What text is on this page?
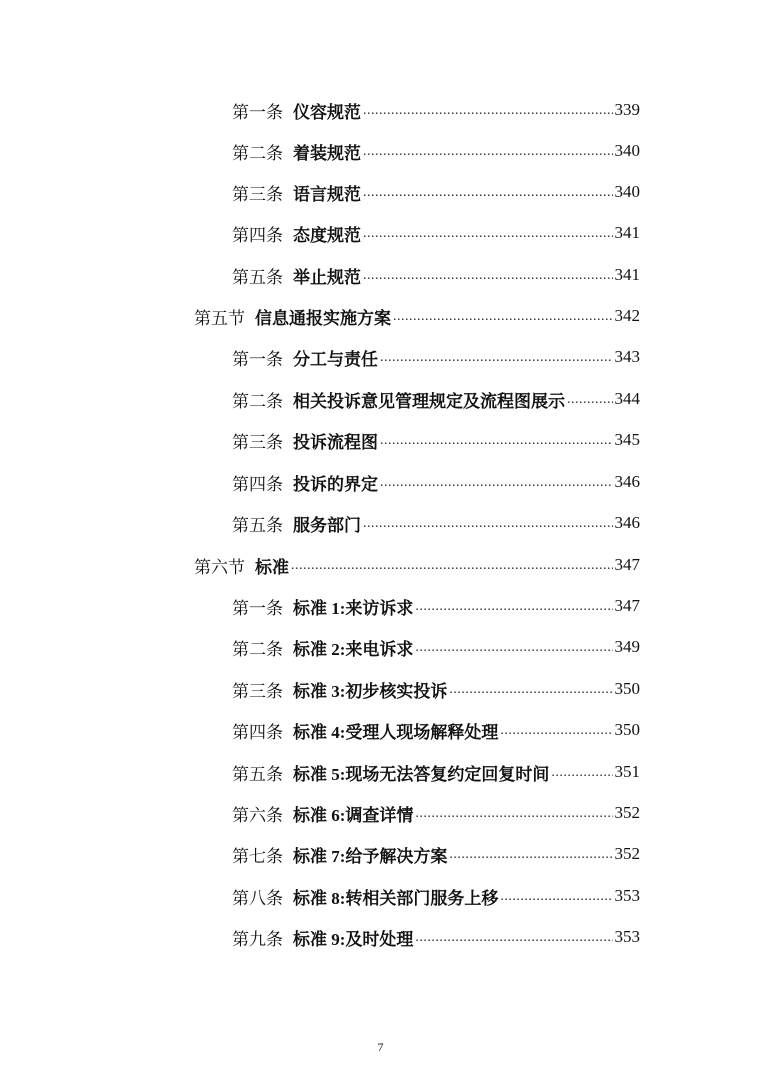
第一条 仪容规范 .....	339
第二条 着装规范 .....	340
第三条 语言规范 .....	340
第四条 态度规范 .....	341
第五条 举止规范 .....	341
第五节 信息通报实施方案 .....	342
第一条 分工与责任 .....	343
第二条 相关投诉意见管理规定及流程图展示 .....	344
第三条 投诉流程图 .....	345
第四条 投诉的界定 .....	346
第五条 服务部门 .....	346
第六节 标准 .....	347
第一条 标准 1:来访诉求 .....	347
第二条 标准 2:来电诉求 .....	349
第三条 标准 3:初步核实投诉 .....	350
第四条 标准 4:受理人现场解释处理 .....	350
第五条 标准 5:现场无法答复约定回复时间 .....	351
第六条 标准 6:调查详情 .....	352
第七条 标准 7:给予解决方案 .....	352
第八条 标准 8:转相关部门服务上移 .....	353
第九条 标准 9:及时处理 .....	353
7
